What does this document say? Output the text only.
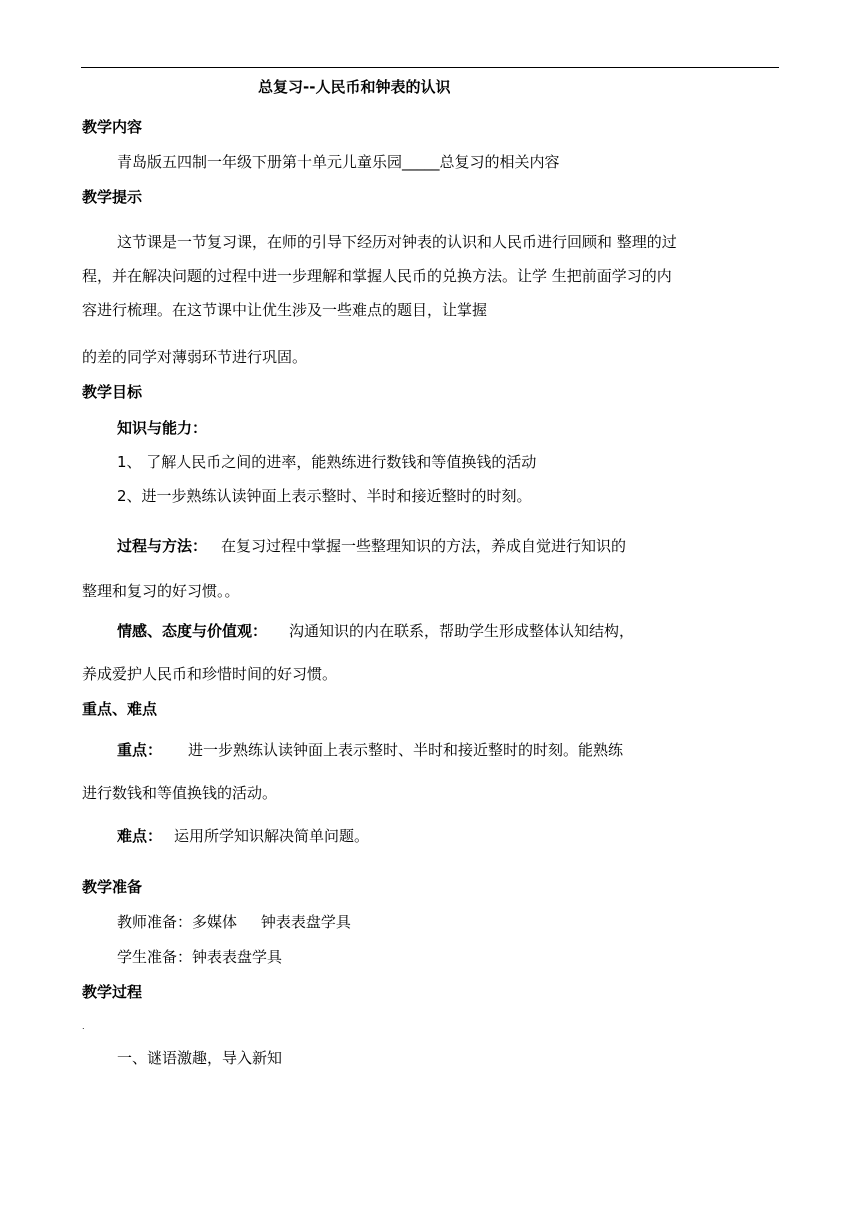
总复习--人民币和钟表的认识
教学内容
青岛版五四制一年级下册第十单元儿童乐园_____总复习的相关内容
教学提示
这节课是一节复习课，在师的引导下经历对钟表的认识和人民币进行回顾和 整理的过
程，并在解决问题的过程中进一步理解和掌握人民币的兑换方法。让学 生把前面学习的内
容进行梳理。在这节课中让优生涉及一些难点的题目，让掌握
的差的同学对薄弱环节进行巩固。
教学目标
知识与能力：
1、 了解人民币之间的进率，能熟练进行数钱和等值换钱的活动
2、进一步熟练认读钟面上表示整时、半时和接近整时的时刻。
过程与方法： 在复习过程中掌握一些整理知识的方法，养成自觉进行知识的
整理和复习的好习惯。。
情感、态度与价值观： 沟通知识的内在联系，帮助学生形成整体认知结构，
养成爱护人民币和珍惜时间的好习惯。
重点、难点
重点： 进一步熟练认读钟面上表示整时、半时和接近整时的时刻。能熟练
进行数钱和等值换钱的活动。
难点： 运用所学知识解决简单问题。
教学准备
教师准备：多媒体     钟表表盘学具
学生准备：钟表表盘学具
教学过程
.
一、谜语激趣，导入新知
